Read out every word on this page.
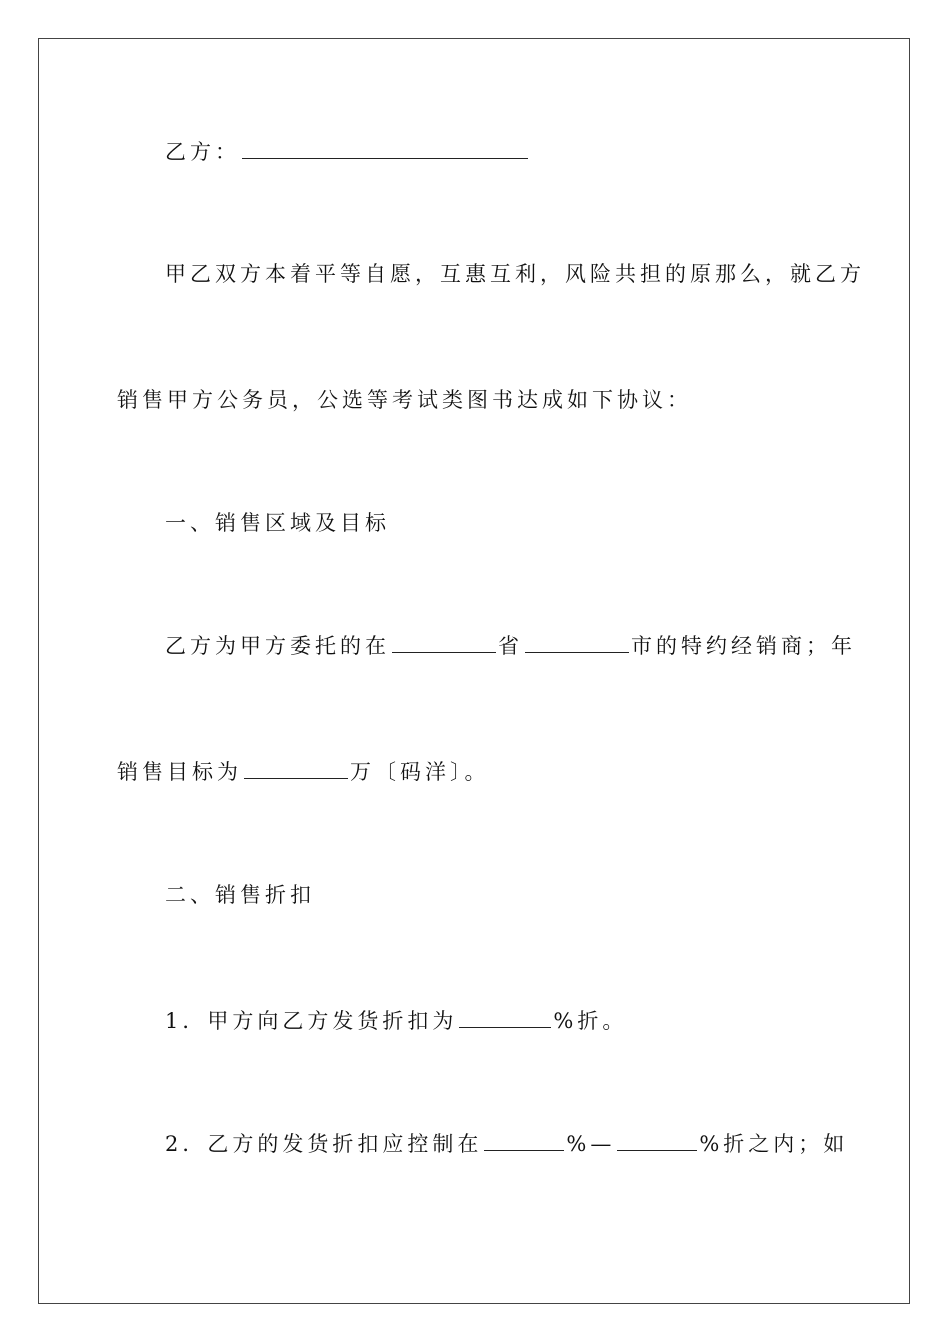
乙方：
甲乙双方本着平等自愿，互惠互利，风险共担的原那么，就乙方
销售甲方公务员，公选等考试类图书达成如下协议：
一、销售区域及目标
乙方为甲方委托的在	省	市的特约经销商；年
销售目标为	万〔码洋〕。
二、销售折扣
1．甲方向乙方发货折扣为	%折。
2．乙方的发货折扣应控制在	%—	%折之内；如
